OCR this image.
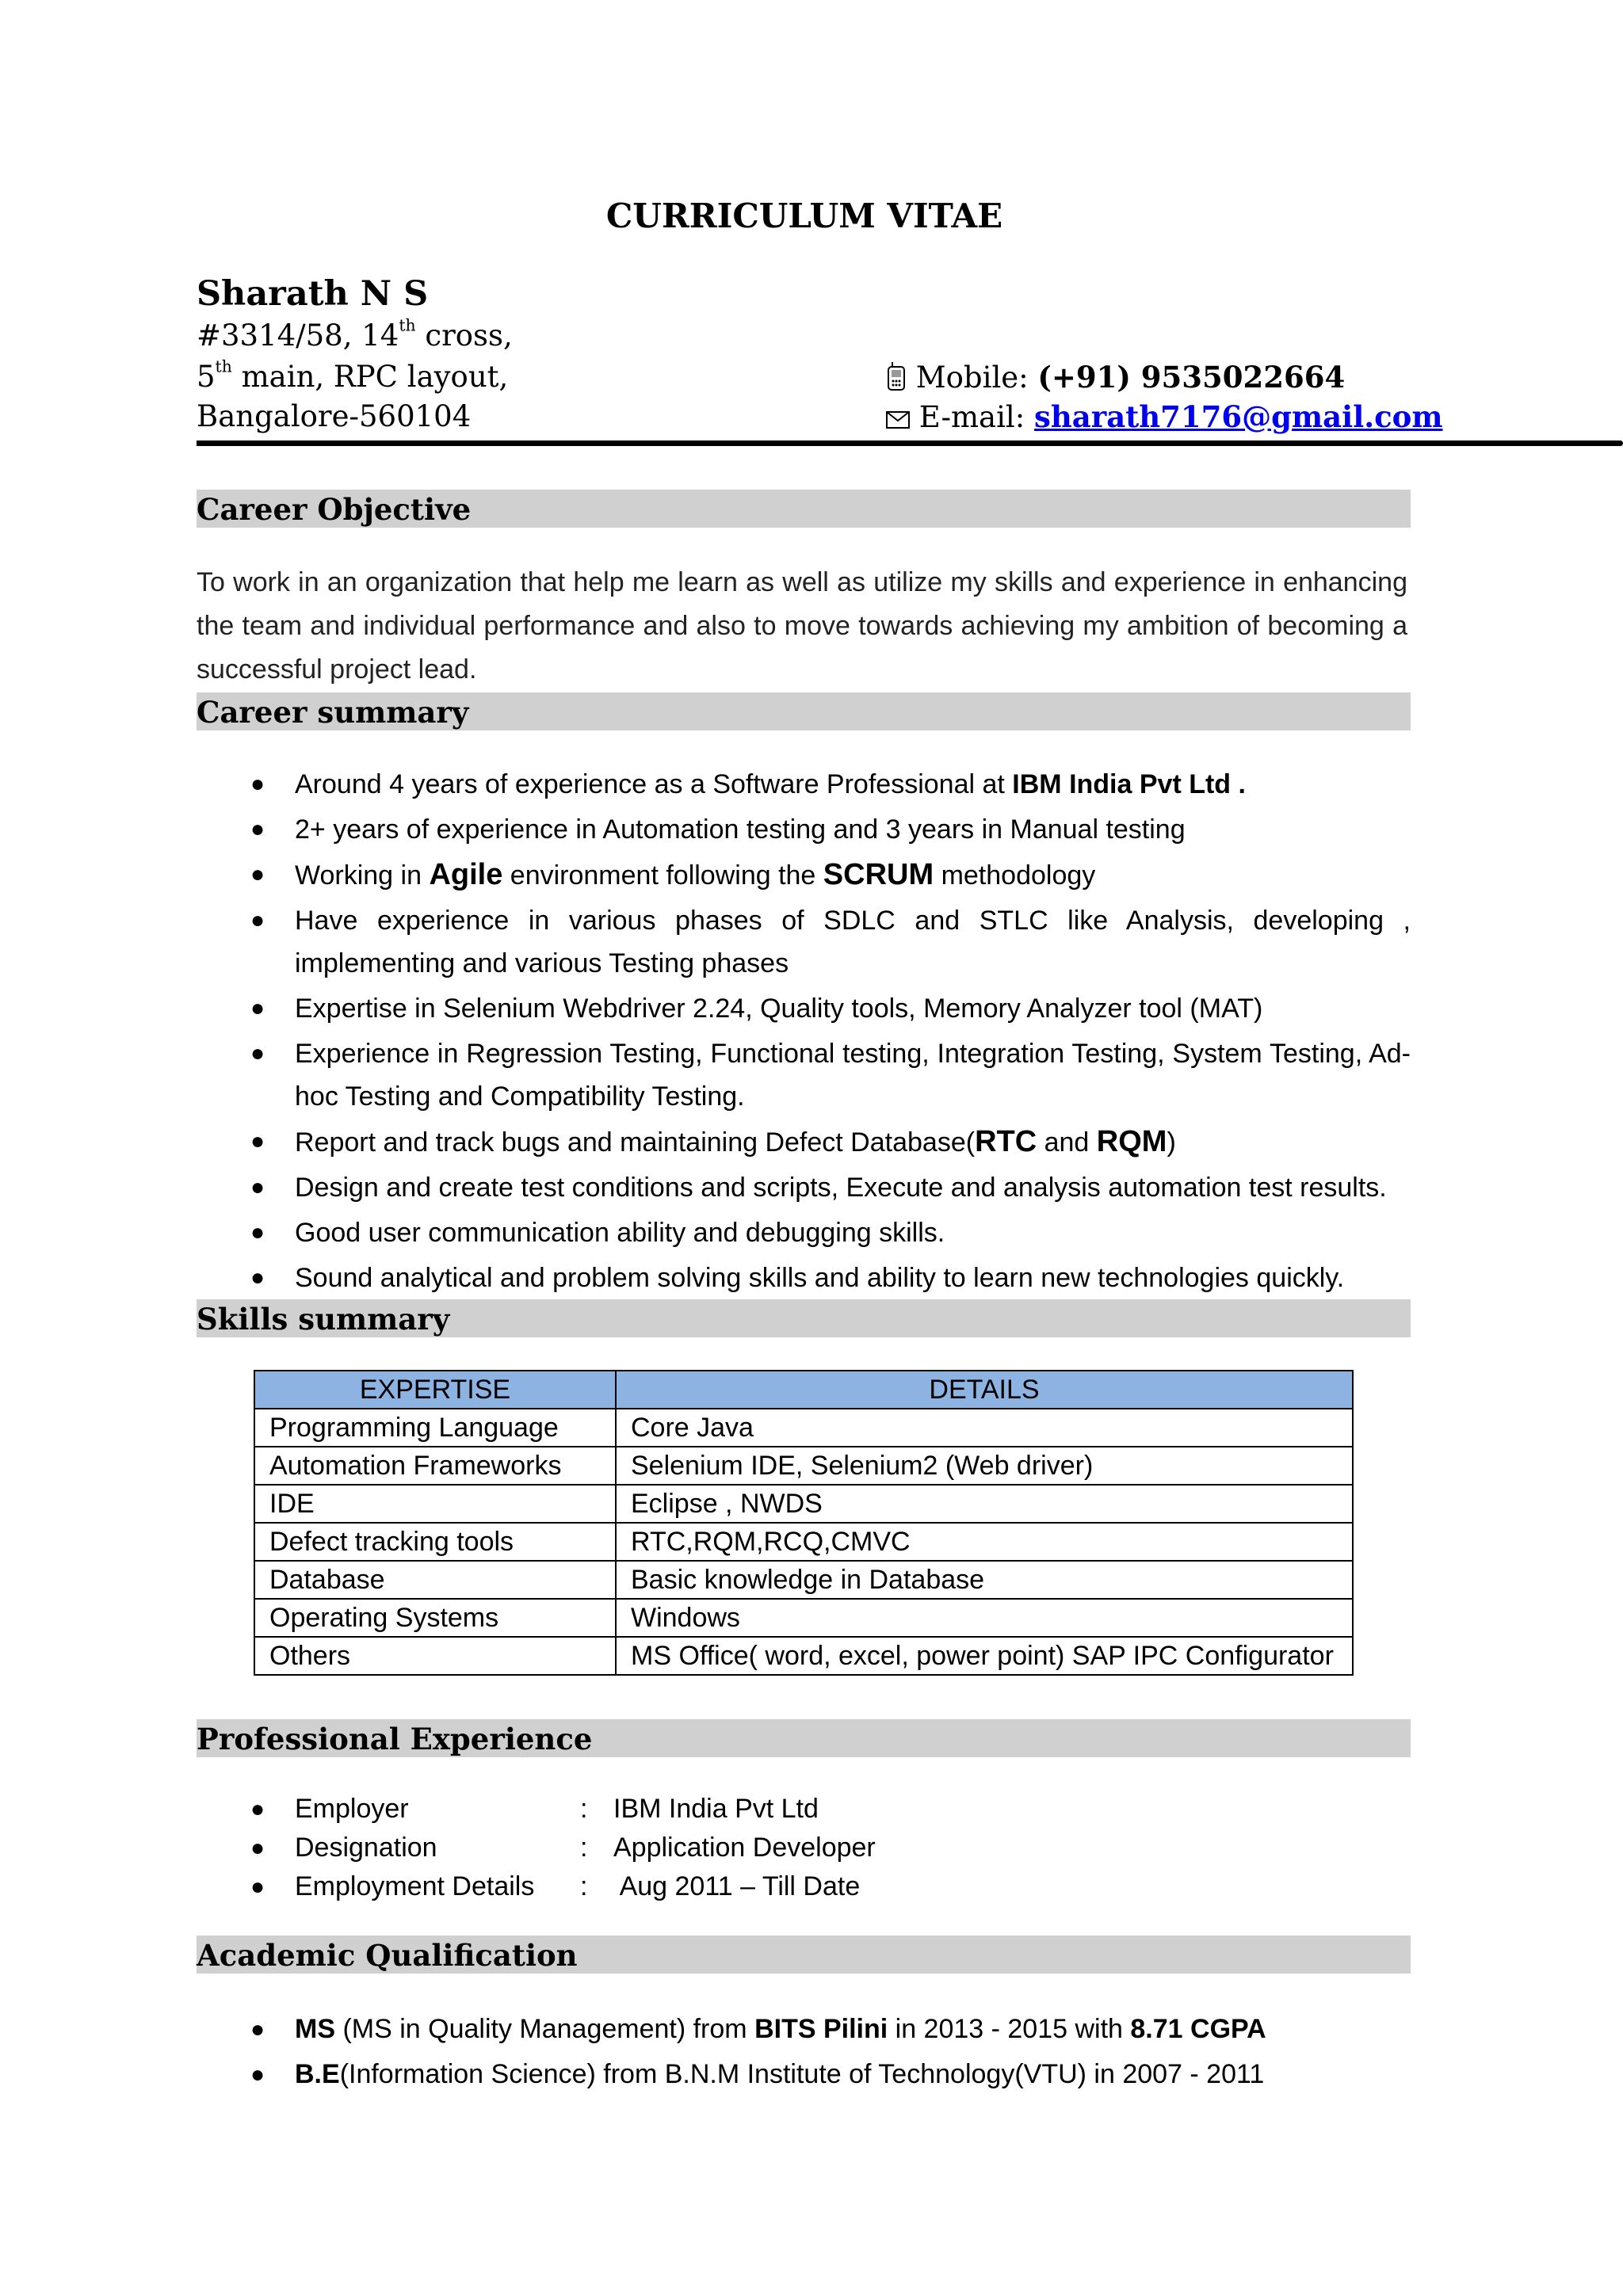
CURRICULUM VITAE
Sharath N S
#3314/58, 14th cross,
5th main, RPC layout,
Bangalore-560104
Mobile: (+91) 9535022664
E-mail: sharath7176@gmail.com
Career Objective
To work in an organization that help me learn as well as utilize my skills and experience in enhancing the team and individual performance and also to move towards achieving my ambition of becoming a successful project lead.
Career summary
● Around 4 years of experience as a Software Professional at IBM India Pvt Ltd .
● 2+ years of experience in Automation testing and 3 years in Manual testing
● Working in Agile environment following the SCRUM methodology
● Have experience in various phases of SDLC and STLC like Analysis, developing , implementing and various Testing phases
● Expertise in Selenium Webdriver 2.24, Quality tools, Memory Analyzer tool (MAT)
● Experience in Regression Testing, Functional testing, Integration Testing, System Testing, Ad-hoc Testing and Compatibility Testing.
● Report and track bugs and maintaining Defect Database(RTC and RQM)
● Design and create test conditions and scripts, Execute and analysis automation test results.
● Good user communication ability and debugging skills.
● Sound analytical and problem solving skills and ability to learn new technologies quickly.
Skills summary
EXPERTISE	DETAILS
Programming Language	Core Java
Automation Frameworks	Selenium IDE, Selenium2 (Web driver)
IDE	Eclipse , NWDS
Defect tracking tools	RTC,RQM,RCQ,CMVC
Database	Basic knowledge in Database
Operating Systems	Windows
Others	MS Office( word, excel, power point) SAP IPC Configurator
Professional Experience
● Employer	: IBM India Pvt Ltd
● Designation	: Application Developer
● Employment Details : Aug 2011 – Till Date
Academic Qualification
● MS (MS in Quality Management) from BITS Pilini in 2013 - 2015 with 8.71 CGPA
● B.E(Information Science) from B.N.M Institute of Technology(VTU) in 2007 - 2011
